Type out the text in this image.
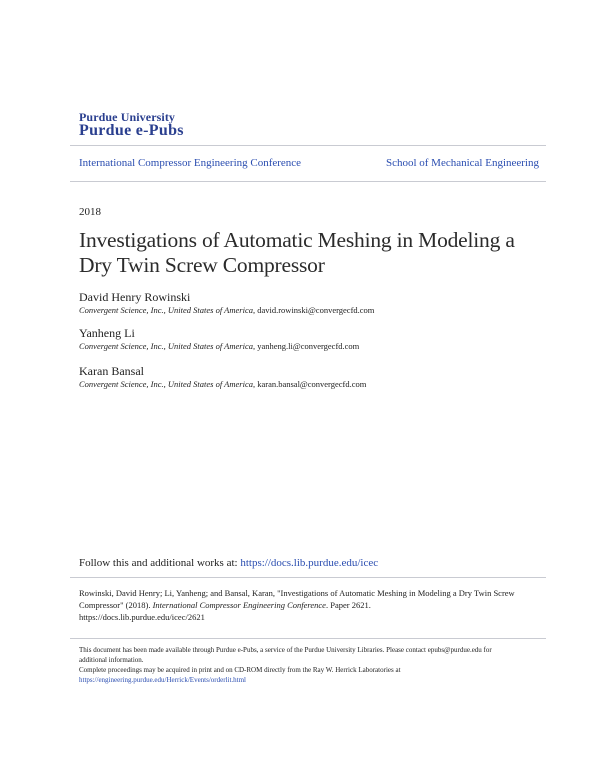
Purdue University
Purdue e-Pubs
International Compressor Engineering Conference	School of Mechanical Engineering
2018
Investigations of Automatic Meshing in Modeling a Dry Twin Screw Compressor
David Henry Rowinski
Convergent Science, Inc., United States of America, david.rowinski@convergecfd.com
Yanheng Li
Convergent Science, Inc., United States of America, yanheng.li@convergecfd.com
Karan Bansal
Convergent Science, Inc., United States of America, karan.bansal@convergecfd.com
Follow this and additional works at: https://docs.lib.purdue.edu/icec
Rowinski, David Henry; Li, Yanheng; and Bansal, Karan, "Investigations of Automatic Meshing in Modeling a Dry Twin Screw Compressor" (2018). International Compressor Engineering Conference. Paper 2621.
https://docs.lib.purdue.edu/icec/2621
This document has been made available through Purdue e-Pubs, a service of the Purdue University Libraries. Please contact epubs@purdue.edu for additional information.
Complete proceedings may be acquired in print and on CD-ROM directly from the Ray W. Herrick Laboratories at https://engineering.purdue.edu/Herrick/Events/orderlit.html
